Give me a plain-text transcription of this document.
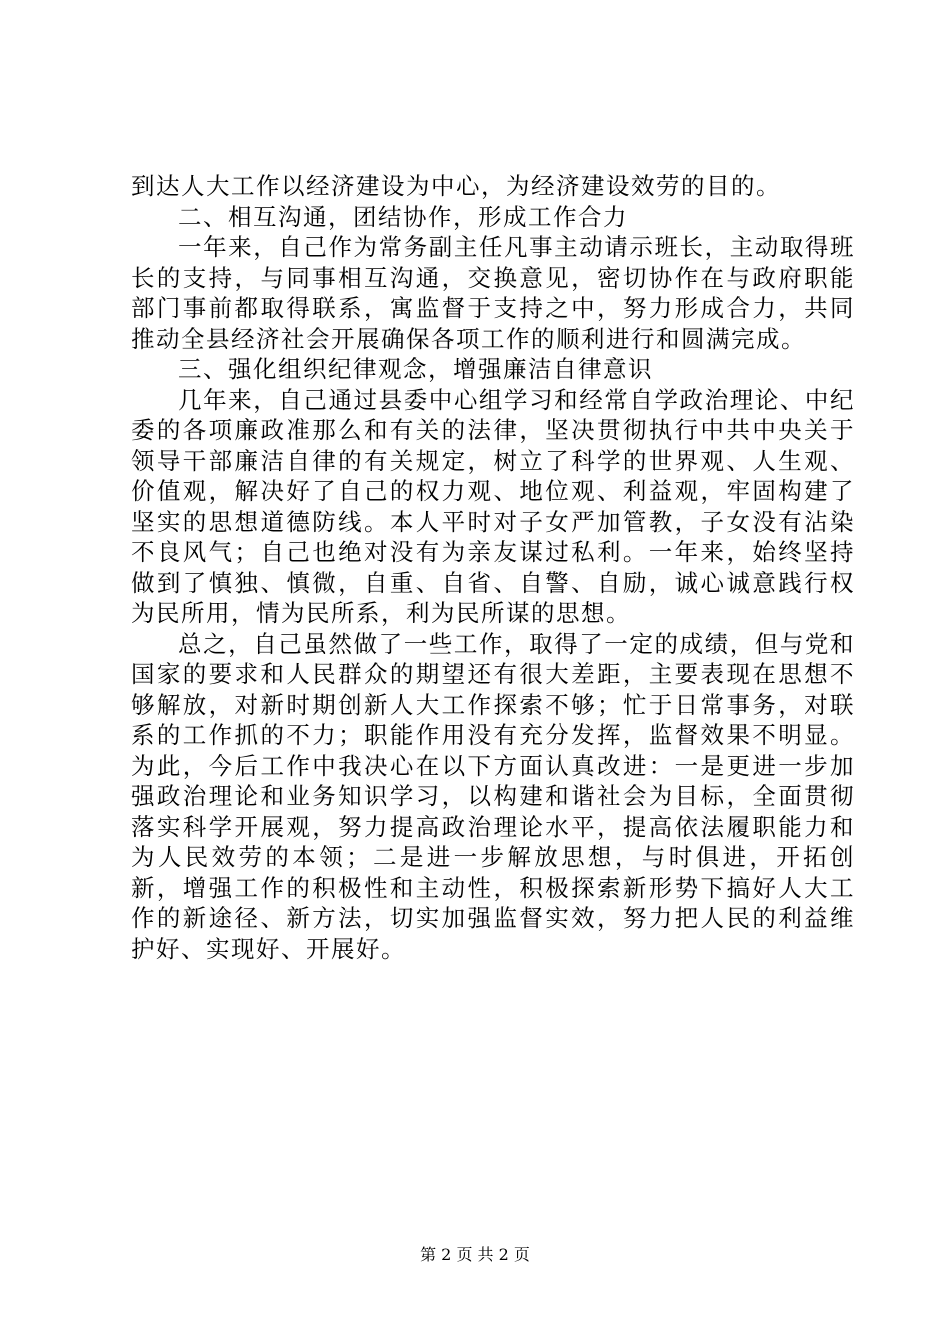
到达人大工作以经济建设为中心，为经济建设效劳的目的。

二、相互沟通，团结协作，形成工作合力

一年来，自己作为常务副主任凡事主动请示班长，主动取得班长的支持，与同事相互沟通，交换意见，密切协作在与政府职能部门事前都取得联系，寓监督于支持之中，努力形成合力，共同推动全县经济社会开展确保各项工作的顺利进行和圆满完成。

三、强化组织纪律观念，增强廉洁自律意识

几年来，自己通过县委中心组学习和经常自学政治理论、中纪委的各项廉政准那么和有关的法律，坚决贯彻执行中共中央关于领导干部廉洁自律的有关规定，树立了科学的世界观、人生观、价值观，解决好了自己的权力观、地位观、利益观，牢固构建了坚实的思想道德防线。本人平时对子女严加管教，子女没有沾染不良风气；自己也绝对没有为亲友谋过私利。一年来，始终坚持做到了慎独、慎微，自重、自省、自警、自励，诚心诚意践行权为民所用，情为民所系，利为民所谋的思想。

总之，自己虽然做了一些工作，取得了一定的成绩，但与党和国家的要求和人民群众的期望还有很大差距，主要表现在思想不够解放，对新时期创新人大工作探索不够；忙于日常事务，对联系的工作抓的不力；职能作用没有充分发挥，监督效果不明显。为此，今后工作中我决心在以下方面认真改进：一是更进一步加强政治理论和业务知识学习，以构建和谐社会为目标，全面贯彻落实科学开展观，努力提高政治理论水平，提高依法履职能力和为人民效劳的本领；二是进一步解放思想，与时俱进，开拓创新，增强工作的积极性和主动性，积极探索新形势下搞好人大工作的新途径、新方法，切实加强监督实效，努力把人民的利益维护好、实现好、开展好。

第 2 页 共 2 页
